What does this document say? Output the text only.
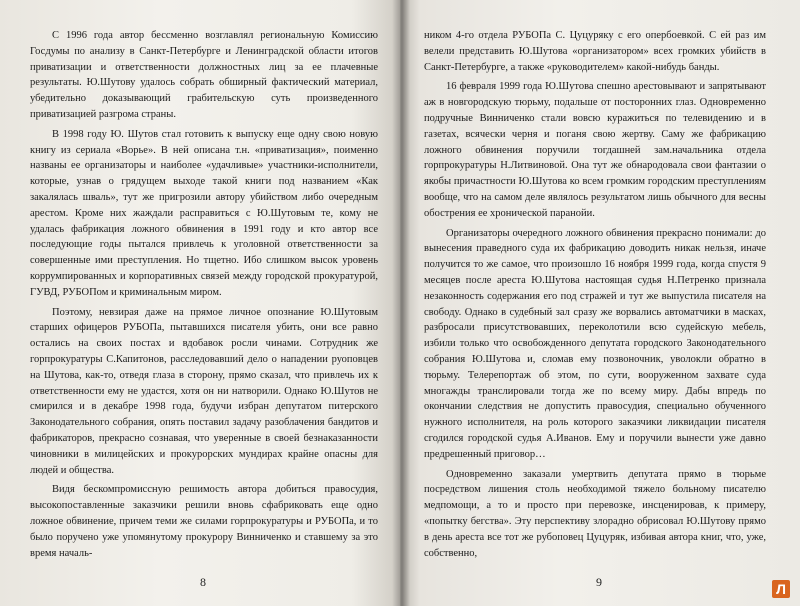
С 1996 года автор бессменно возглавлял региональную Комиссию Госдумы по анализу в Санкт-Петербурге и Ленинградской области итогов приватизации и ответственности должностных лиц за ее плачевные результаты. Ю.Шутову удалось собрать обширный фактический материал, убедительно доказывающий грабительскую суть произведенного приватизацией разгрома страны.

В 1998 году Ю. Шутов стал готовить к выпуску еще одну свою новую книгу из сериала «Ворье». В ней описана т.н. «приватизация», поименно названы ее организаторы и наиболее «удачливые» участники-исполнители, которые, узнав о грядущем выходе такой книги под названием «Как закалялась шваль», тут же пригрозили автору убийством либо очередным арестом. Кроме них жаждали расправиться с Ю.Шутовым те, кому не удалась фабрикация ложного обвинения в 1991 году и кто автор все последующие годы пытался привлечь к уголовной ответственности за совершенные ими преступления. Но тщетно. Ибо слишком высок уровень коррумпированных и корпоративных связей между городской прокуратурой, ГУВД, РУБОПом и криминальным миром.

Поэтому, невзирая даже на прямое личное опознание Ю.Шутовым старших офицеров РУБОПа, пытавшихся писателя убить, они все равно остались на своих постах и вдобавок росли чинами. Сотрудник же горпрокуратуры С.Капитонов, расследовавший дело о нападении руоповцев на Шутова, как-то, отведя глаза в сторону, прямо сказал, что привлечь их к ответственности ему не удастся, хотя он ни натворили. Однако Ю.Шутов не смирился и в декабре 1998 года, будучи избран депутатом питерского Законодательного собрания, опять поставил задачу разоблачения бандитов и фабрикаторов, прекрасно сознавая, что уверенные в своей безнаказанности чиновники в милицейских и прокурорских мундирах крайне опасны для людей и общества.

Видя бескомпромиссную решимость автора добиться правосудия, высокопоставленные заказчики решили вновь сфабриковать еще одно ложное обвинение, причем теми же силами горпрокуратуры и РУБОПа, и то было поручено уже упомянутому прокурору Винниченко и ставшему за это время началь-

8

ником 4-го отдела РУБОПа С. Цуцуряку с его опербоевкой. С ей раз им велели представить Ю.Шутова «организатором» всех громких убийств в Санкт-Петербурге, а также «руководителем» какой-нибудь банды.

16 февраля 1999 года Ю.Шутова спешно арестовывают и запрятывают аж в новгородскую тюрьму, подальше от посторонних глаз. Одновременно подручные Винниченко стали вовсю куражиться по телевидению и в газетах, всячески черня и поганя свою жертву. Саму же фабрикацию ложного обвинения поручили тогдашней зам.начальника отдела горпрокуратуры Н.Литвиновой. Она тут же обнародовала свои фантазии о якобы причастности Ю.Шутова ко всем громким городским преступлениям вообще, что на самом деле являлось результатом лишь обычного для весны обострения ее хронической паранойи.

Организаторы очередного ложного обвинения прекрасно понимали: до вынесения праведного суда их фабрикацию доводить никак нельзя, иначе получится то же самое, что произошло 16 ноября 1999 года, когда спустя 9 месяцев после ареста Ю.Шутова настоящая судья Н.Петренко признала незаконность содержания его под стражей и тут же выпустила писателя на свободу. Однако в судебный зал сразу же ворвались автоматчики в масках, разбросали присутствовавших, переколотили всю судейскую мебель, избили только что освобожденного депутата городского Законодательного собрания Ю.Шутова и, сломав ему позвоночник, уволокли обратно в тюрьму. Телерепортаж об этом, по сути, вооруженном захвате суда многажды транслировали тогда же по всему миру. Дабы впредь по окончании следствия не допустить правосудия, специально обученного нужного исполнителя, на роль которого заказчики ликвидации писателя сгодился городской судья А.Иванов. Ему и поручили вынести уже давно предрешенный приговор…

Одновременно заказали умертвить депутата прямо в тюрьме посредством лишения столь необходимой тяжело больному писателю медпомощи, а то и просто при перевозке, инсценировав, к примеру, «попытку бегства». Эту перспективу злорадно обрисовал Ю.Шутову прямо в день ареста все тот же рубоповец Цуцуряк, избивая автора книг, что, уже, собственно,

9	Л
